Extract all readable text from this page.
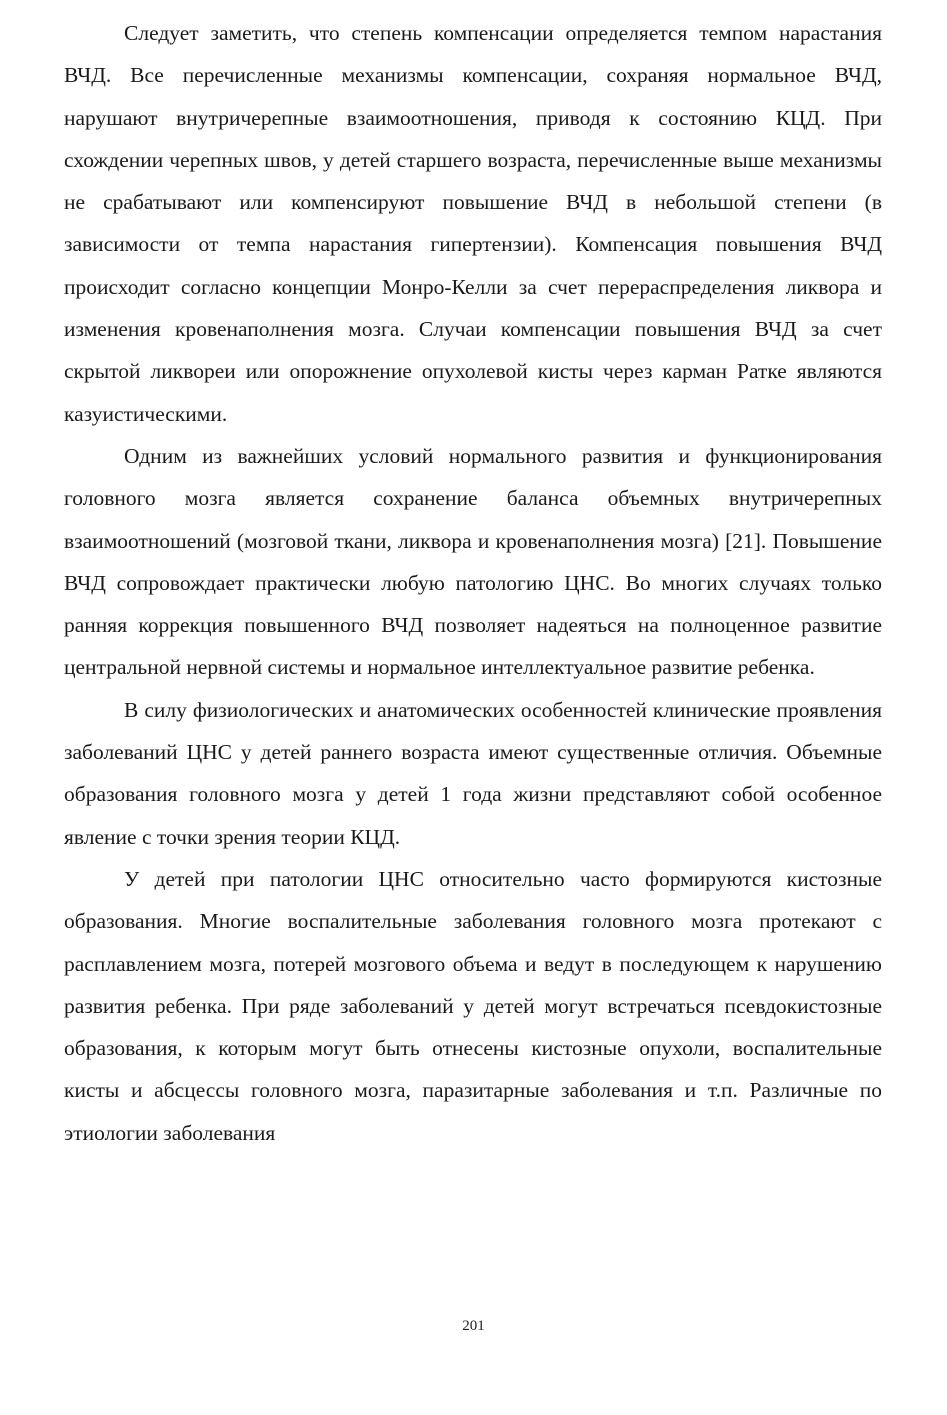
Следует заметить, что степень компенсации определяется темпом нарастания ВЧД. Все перечисленные механизмы компенсации, сохраняя нормальное ВЧД, нарушают внутричерепные взаимоотношения, приводя к состоянию КЦД. При схождении черепных швов, у детей старшего возраста, перечисленные выше механизмы не срабатывают или компенсируют повышение ВЧД в небольшой степени (в зависимости от темпа нарастания гипертензии). Компенсация повышения ВЧД происходит согласно концепции Монро-Келли за счет перераспределения ликвора и изменения кровенаполнения мозга. Случаи компенсации повышения ВЧД за счет скрытой ликвореи или опорожнение опухолевой кисты через карман Ратке являются казуистическими.

Одним из важнейших условий нормального развития и функционирования головного мозга является сохранение баланса объемных внутричерепных взаимоотношений (мозговой ткани, ликвора и кровенаполнения мозга) [21]. Повышение ВЧД сопровождает практически любую патологию ЦНС. Во многих случаях только ранняя коррекция повышенного ВЧД позволяет надеяться на полноценное развитие центральной нервной системы и нормальное интеллектуальное развитие ребенка.

В силу физиологических и анатомических особенностей клинические проявления заболеваний ЦНС у детей раннего возраста имеют существенные отличия. Объемные образования головного мозга у детей 1 года жизни представляют собой особенное явление с точки зрения теории КЦД.

У детей при патологии ЦНС относительно часто формируются кистозные образования. Многие воспалительные заболевания головного мозга протекают с расплавлением мозга, потерей мозгового объема и ведут в последующем к нарушению развития ребенка. При ряде заболеваний у детей могут встречаться псевдокистозные образования, к которым могут быть отнесены кистозные опухоли, воспалительные кисты и абсцессы головного мозга, паразитарные заболевания и т.п. Различные по этиологии заболевания

201
